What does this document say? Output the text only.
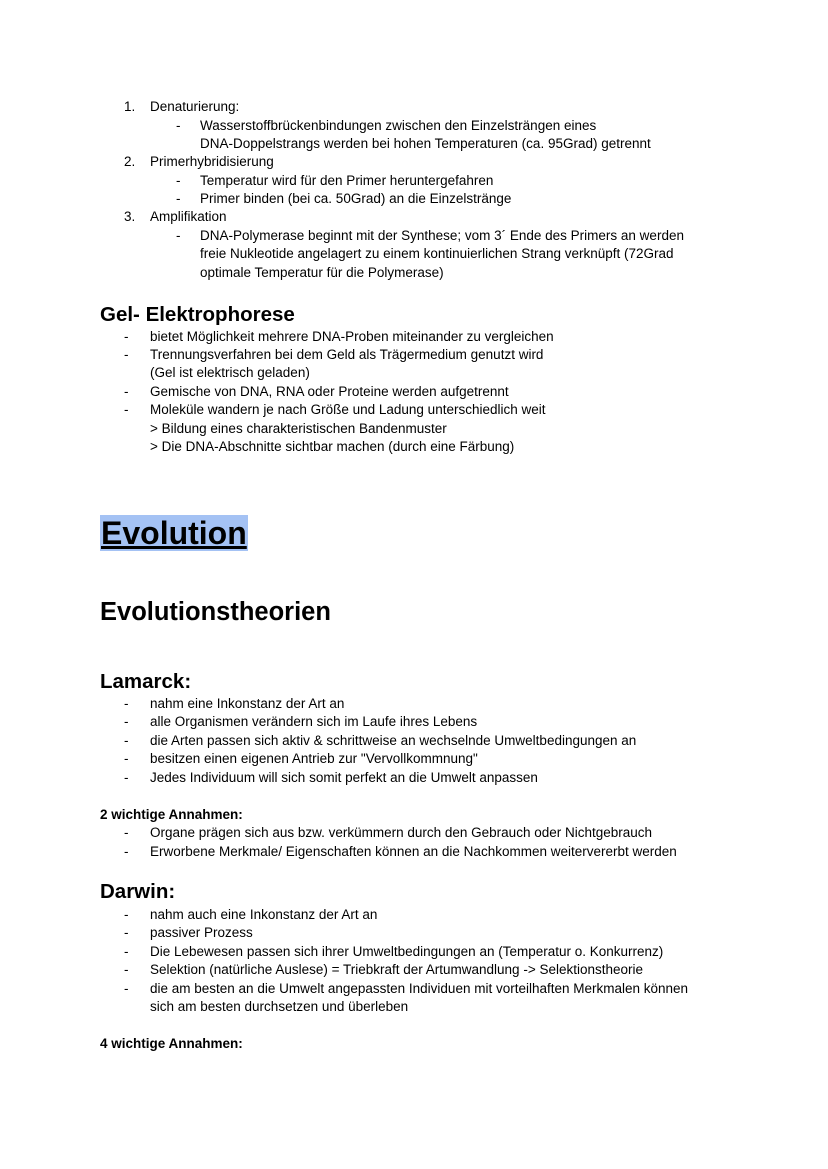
1. Denaturierung:
-	Wasserstoffbrückenbindungen zwischen den Einzelsträngen eines
DNA-Doppelstrangs werden bei hohen Temperaturen (ca. 95Grad) getrennt
2. Primerhybridisierung
-	Temperatur wird für den Primer heruntergefahren
-	Primer binden (bei ca. 50Grad) an die Einzelstränge
3. Amplifikation
-	DNA-Polymerase beginnt mit der Synthese; vom 3´ Ende des Primers an werden
freie Nukleotide angelagert zu einem kontinuierlichen Strang verknüpft (72Grad
optimale Temperatur für die Polymerase)
Gel- Elektrophorese
-	bietet Möglichkeit mehrere DNA-Proben miteinander zu vergleichen
-	Trennungsverfahren bei dem Geld als Trägermedium genutzt wird
(Gel ist elektrisch geladen)
-	Gemische von DNA, RNA oder Proteine werden aufgetrennt
-	Moleküle wandern je nach Größe und Ladung unterschiedlich weit
> Bildung eines charakteristischen Bandenmuster
> Die DNA-Abschnitte sichtbar machen (durch eine Färbung)
Evolution
Evolutionstheorien
Lamarck:
-	nahm eine Inkonstanz der Art an
-	alle Organismen verändern sich im Laufe ihres Lebens
-	die Arten passen sich aktiv & schrittweise an wechselnde Umweltbedingungen an
-	besitzen einen eigenen Antrieb zur "Vervollkommnung"
-	Jedes Individuum will sich somit perfekt an die Umwelt anpassen
2 wichtige Annahmen:
-	Organe prägen sich aus bzw. verkümmern durch den Gebrauch oder Nichtgebrauch
-	Erworbene Merkmale/ Eigenschaften können an die Nachkommen weitervererbt werden
Darwin:
-	nahm auch eine Inkonstanz der Art an
-	passiver Prozess
-	Die Lebewesen passen sich ihrer Umweltbedingungen an (Temperatur o. Konkurrenz)
-	Selektion (natürliche Auslese) = Triebkraft der Artumwandlung -> Selektionstheorie
-	die am besten an die Umwelt angepassten Individuen mit vorteilhaften Merkmalen können
sich am besten durchsetzen und überleben
4 wichtige Annahmen:
